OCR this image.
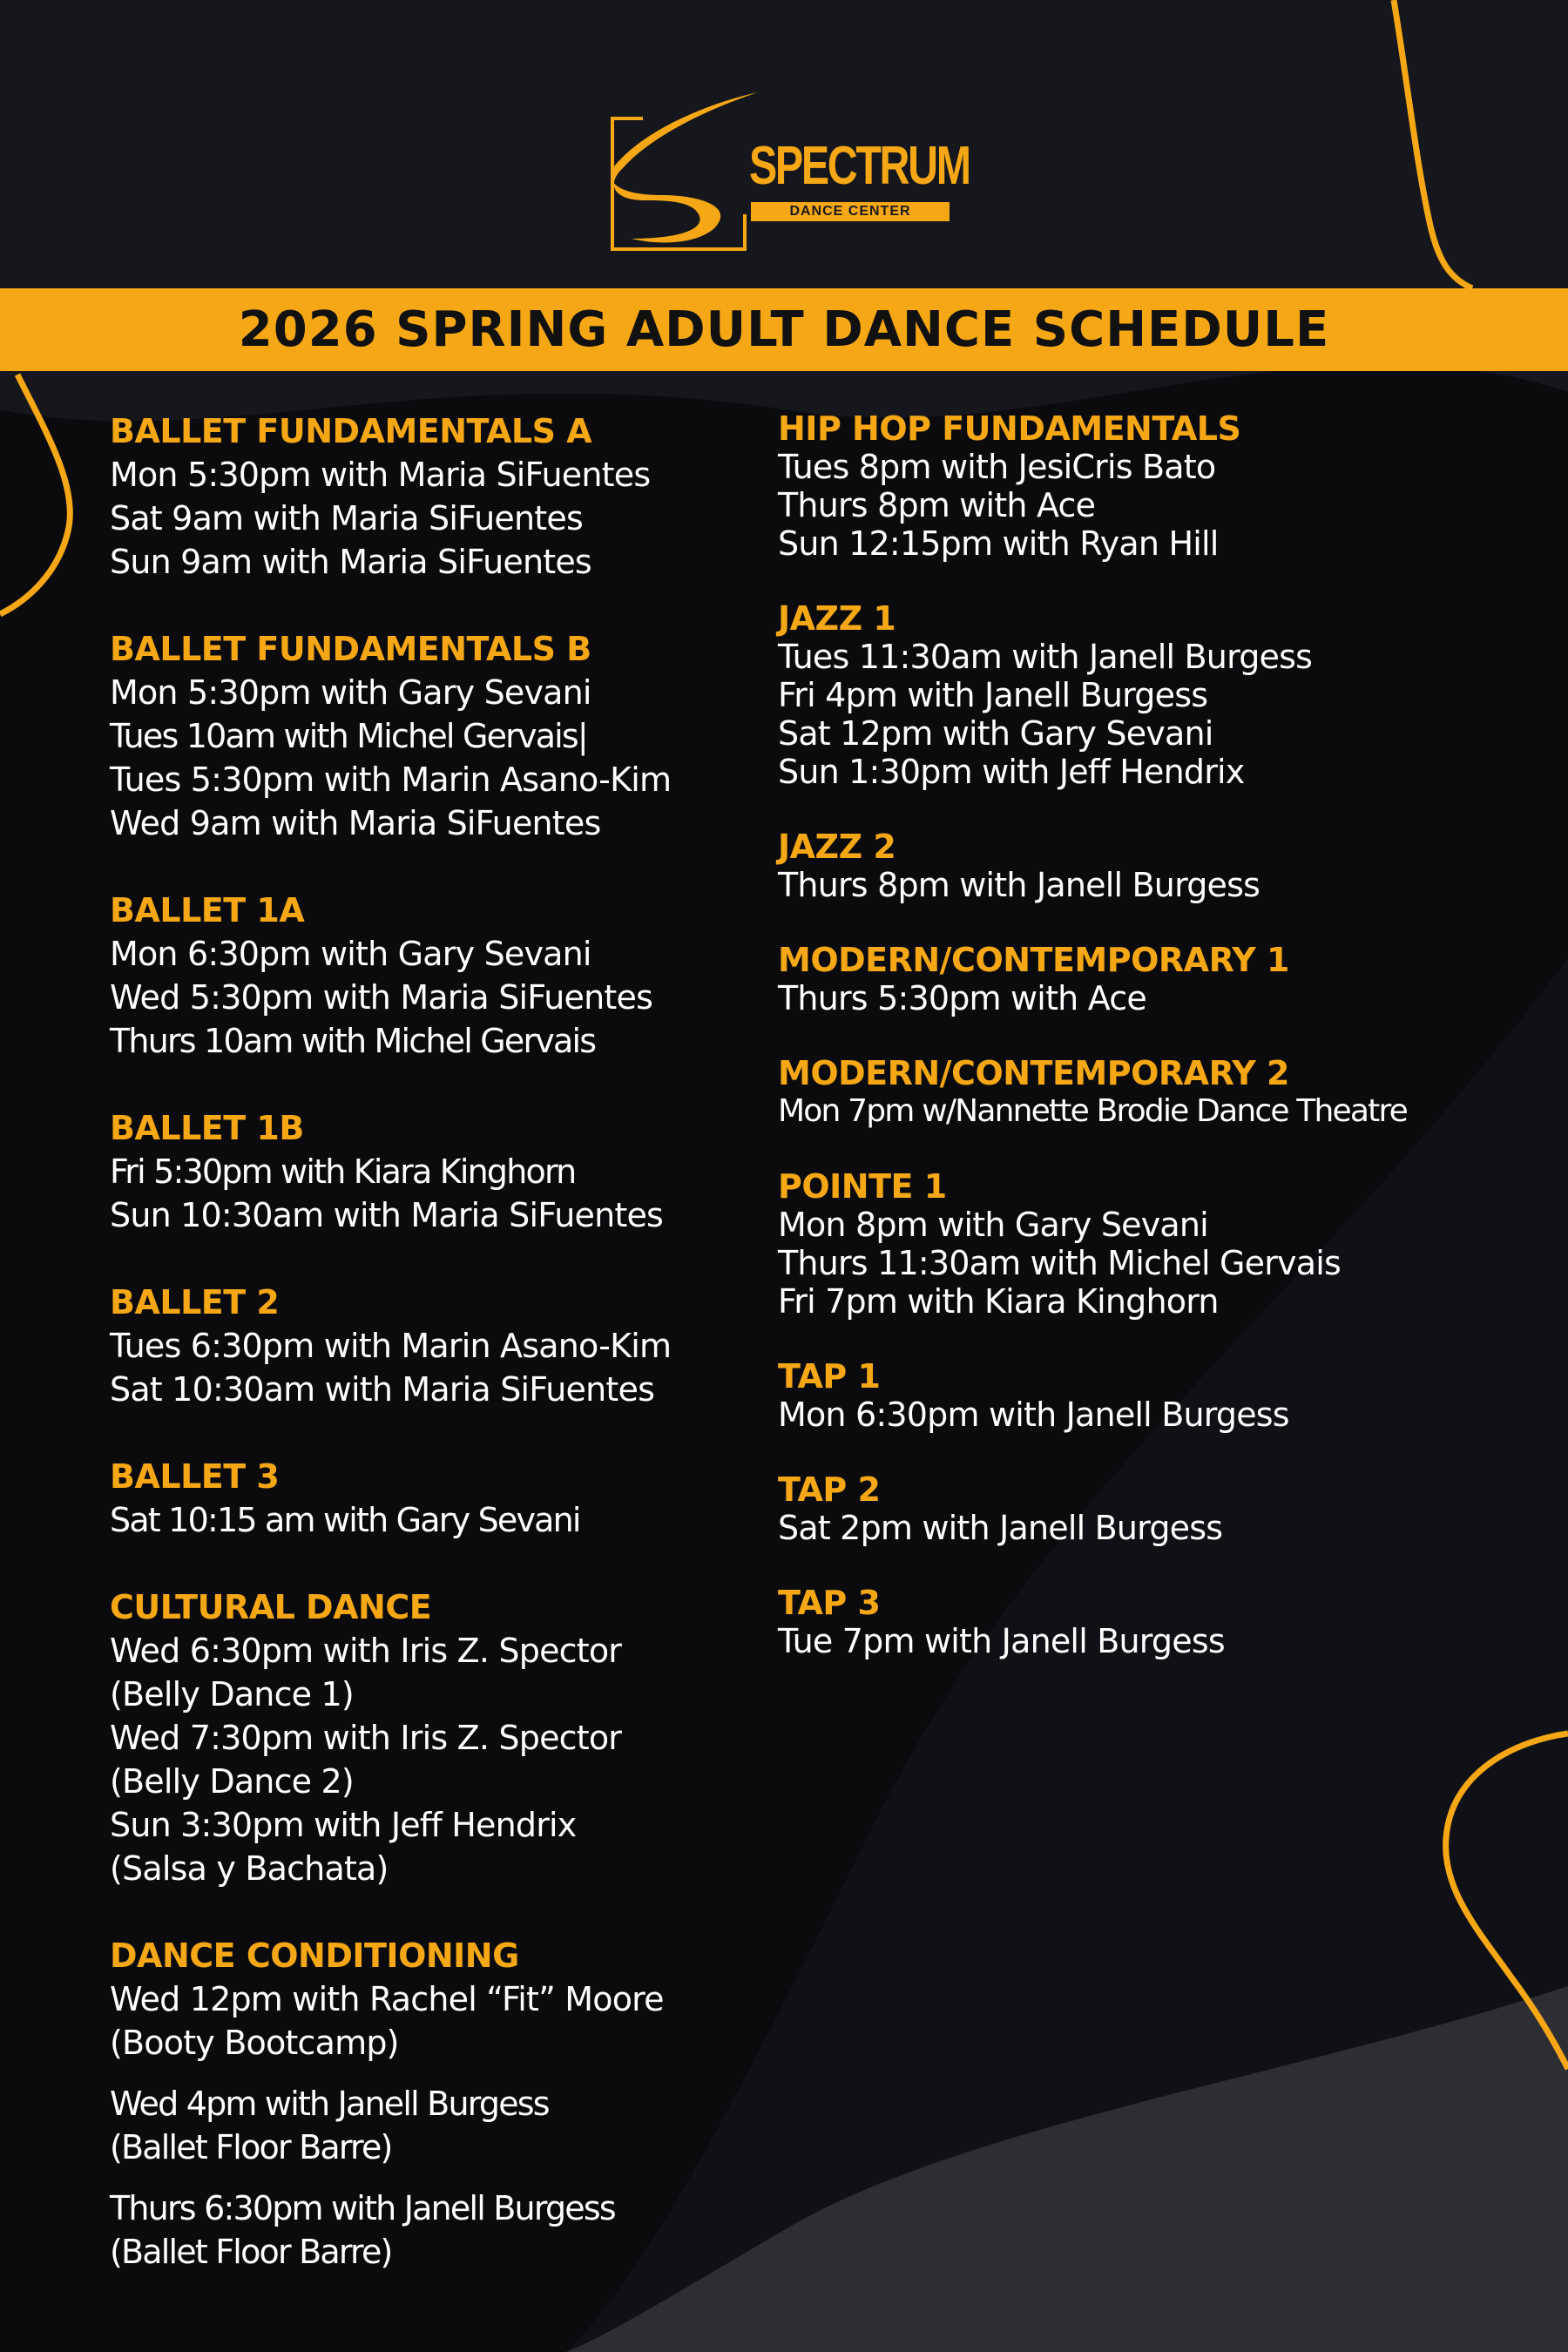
SPECTRUM
DANCE CENTER
2026 SPRING ADULT DANCE SCHEDULE
BALLET FUNDAMENTALS A
Mon 5:30pm with Maria SiFuentes
Sat 9am with Maria SiFuentes
Sun 9am with Maria SiFuentes
BALLET FUNDAMENTALS B
Mon 5:30pm with Gary Sevani
Tues 10am with Michel Gervais|
Tues 5:30pm with Marin Asano-Kim
Wed 9am with Maria SiFuentes
BALLET 1A
Mon 6:30pm with Gary Sevani
Wed 5:30pm with Maria SiFuentes
Thurs 10am with Michel Gervais
BALLET 1B
Fri 5:30pm with Kiara Kinghorn
Sun 10:30am with Maria SiFuentes
BALLET 2
Tues 6:30pm with Marin Asano-Kim
Sat 10:30am with Maria SiFuentes
BALLET 3
Sat 10:15 am with Gary Sevani
CULTURAL DANCE
Wed 6:30pm with Iris Z. Spector
(Belly Dance 1)
Wed 7:30pm with Iris Z. Spector
(Belly Dance 2)
Sun 3:30pm with Jeff Hendrix
(Salsa y Bachata)
DANCE CONDITIONING
Wed 12pm with Rachel “Fit” Moore
(Booty Bootcamp)
Wed 4pm with Janell Burgess
(Ballet Floor Barre)
Thurs 6:30pm with Janell Burgess
(Ballet Floor Barre)
HIP HOP FUNDAMENTALS
Tues 8pm with JesiCris Bato
Thurs 8pm with Ace
Sun 12:15pm with Ryan Hill
JAZZ 1
Tues 11:30am with Janell Burgess
Fri 4pm with Janell Burgess
Sat 12pm with Gary Sevani
Sun 1:30pm with Jeff Hendrix
JAZZ 2
Thurs 8pm with Janell Burgess
MODERN/CONTEMPORARY 1
Thurs 5:30pm with Ace
MODERN/CONTEMPORARY 2
Mon 7pm w/Nannette Brodie Dance Theatre
POINTE 1
Mon 8pm with Gary Sevani
Thurs 11:30am with Michel Gervais
Fri 7pm with Kiara Kinghorn
TAP 1
Mon 6:30pm with Janell Burgess
TAP 2
Sat 2pm with Janell Burgess
TAP 3
Tue 7pm with Janell Burgess
